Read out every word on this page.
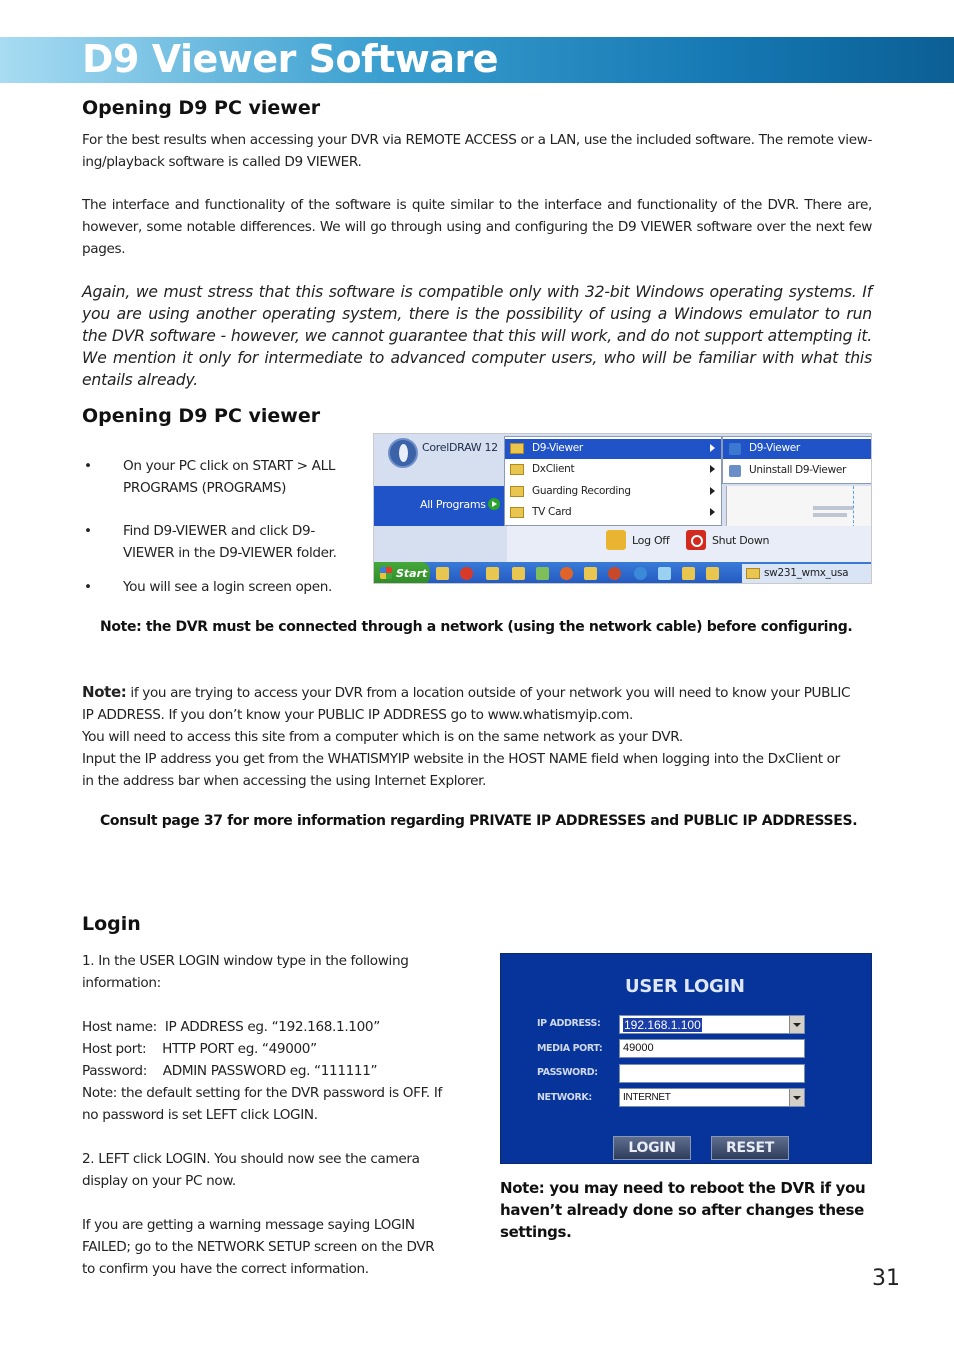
D9 Viewer Software
Opening D9 PC viewer
For the best results when accessing your DVR via REMOTE ACCESS or a LAN, use the included software. The remote view-
ing/playback software is called D9 VIEWER.
The interface and functionality of the software is quite similar to the interface and functionality of the DVR. There are, however, some notable differences. We will go through using and configuring the D9 VIEWER software over the next few pages.
Again, we must stress that this software is compatible only with 32-bit Windows operating systems. If you are using another operating system, there is the possibility of using a Windows emulator to run the DVR software - however, we cannot guarantee that this will work, and do not support attempting it. We mention it only for intermediate to advanced computer users, who will be familiar with what this entails already.
Opening D9 PC viewer
• On your PC click on START > ALL PROGRAMS (PROGRAMS)
• Find D9-VIEWER and click D9-VIEWER in the D9-VIEWER folder.
• You will see a login screen open.
CorelDRAW 12
All Programs
D9-Viewer
DxClient
Guarding Recording
TV Card
D9-Viewer
Uninstall D9-Viewer
Log Off	Shut Down
Start	sw231_wmx_usa
Note: the DVR must be connected through a network (using the network cable) before configuring.
Note: if you are trying to access your DVR from a location outside of your network you will need to know your PUBLIC
IP ADDRESS. If you don’t know your PUBLIC IP ADDRESS go to www.whatismyip.com.
You will need to access this site from a computer which is on the same network as your DVR.
Input the IP address you get from the WHATISMYIP website in the HOST NAME field when logging into the DxClient or
in the address bar when accessing the using Internet Explorer.
Consult page 37 for more information regarding PRIVATE IP ADDRESSES and PUBLIC IP ADDRESSES.
Login
1. In the USER LOGIN window type in the following
information:
Host name:  IP ADDRESS eg. “192.168.1.100”
Host port:    HTTP PORT eg. “49000”
Password:    ADMIN PASSWORD eg. “111111”
Note: the default setting for the DVR password is OFF. If
no password is set LEFT click LOGIN.
2. LEFT click LOGIN. You should now see the camera
display on your PC now.
If you are getting a warning message saying LOGIN
FAILED; go to the NETWORK SETUP screen on the DVR
to confirm you have the correct information.
USER LOGIN
IP ADDRESS: 192.168.1.100
MEDIA PORT: 49000
PASSWORD:
NETWORK:	INTERNET
LOGIN	RESET
Note: you may need to reboot the DVR if you
haven’t already done so after changes these
settings.
31
